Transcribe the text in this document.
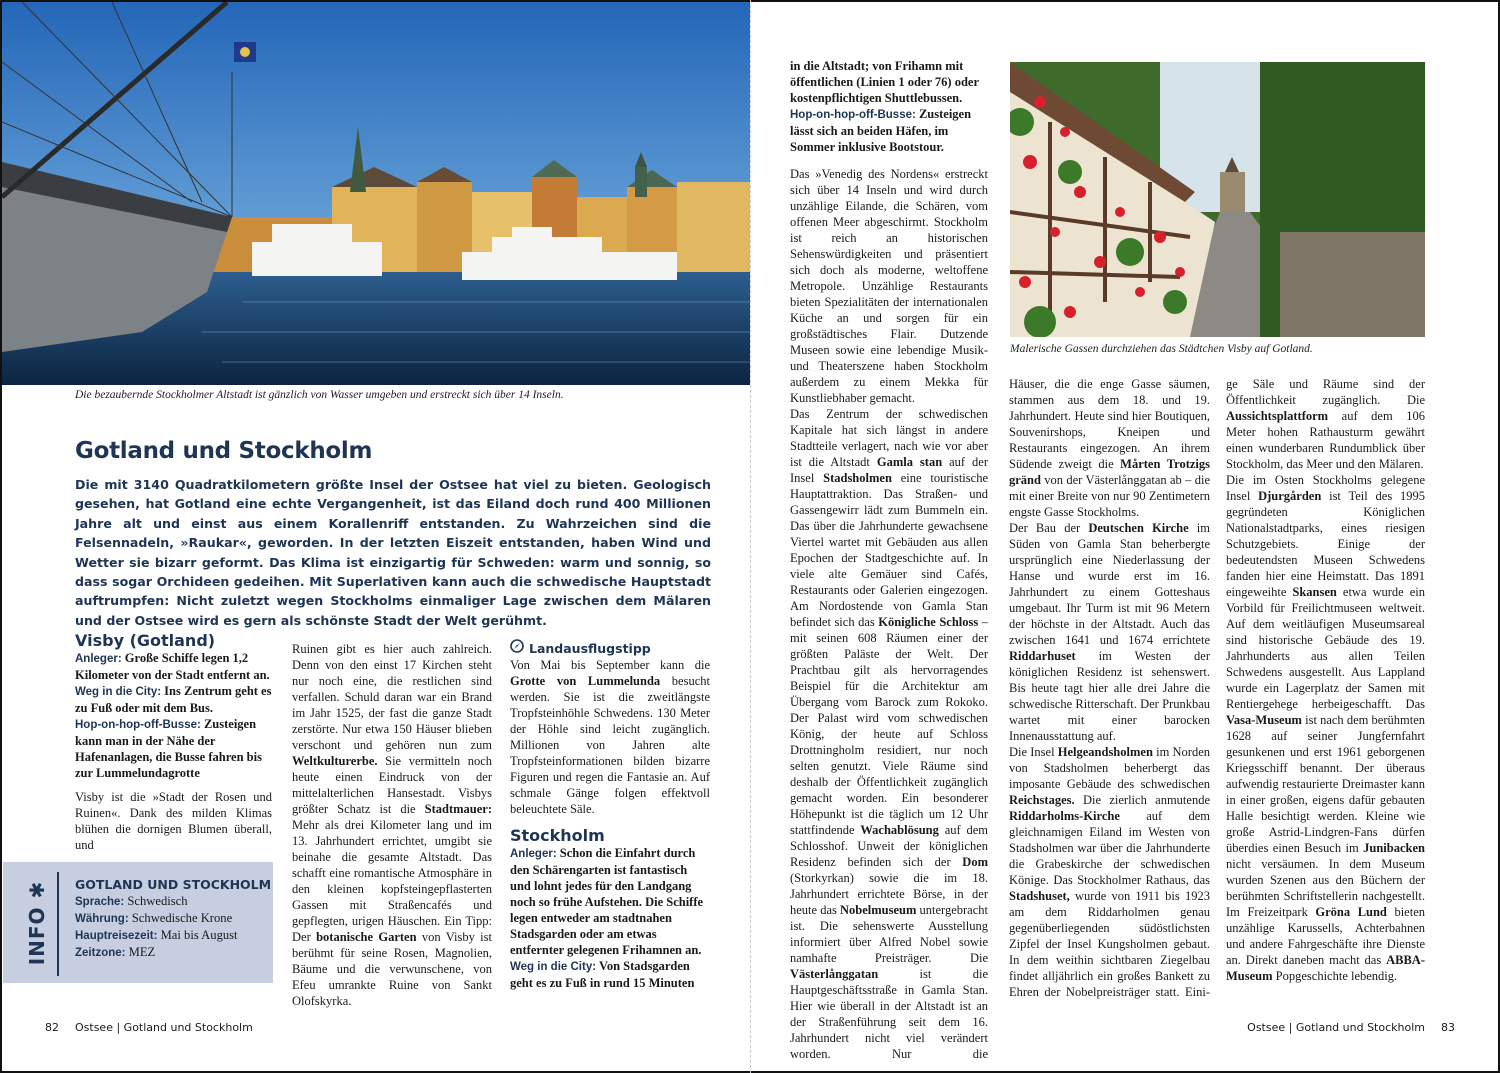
Die bezaubernde Stockholmer Altstadt ist gänzlich von Wasser umgeben und erstreckt sich über 14 Inseln.
Gotland und Stockholm
Die mit 3140 Quadratkilometern größte Insel der Ostsee hat viel zu bieten. Geologisch gesehen, hat Gotland eine echte Vergangenheit, ist das Eiland doch rund 400 Millionen Jahre alt und einst aus einem Korallenriff entstanden. Zu Wahrzeichen sind die Felsennadeln, »Raukar«, geworden. In der letzten Eiszeit entstanden, haben Wind und Wetter sie bizarr geformt. Das Klima ist einzigartig für Schweden: warm und sonnig, so dass sogar Orchideen gedeihen. Mit Superlativen kann auch die schwedische Hauptstadt auftrumpfen: Nicht zuletzt wegen Stockholms einmaliger Lage zwischen dem Mälaren und der Ostsee wird es gern als schönste Stadt der Welt gerühmt.
Visby (Gotland)
Anleger: Große Schiffe legen 1,2 Kilometer von der Stadt entfernt an.
Weg in die City: Ins Zentrum geht es zu Fuß oder mit dem Bus.
Hop-on-hop-off-Busse: Zusteigen kann man in der Nähe der Hafenanlagen, die Busse fahren bis zur Lummelundagrotte
Visby ist die »Stadt der Rosen und Ruinen«. Dank des milden Klimas blühen die dornigen Blumen überall, und
Ruinen gibt es hier auch zahlreich. Denn von den einst 17 Kirchen steht nur noch eine, die restlichen sind verfallen. Schuld daran war ein Brand im Jahr 1525, der fast die ganze Stadt zerstörte. Nur etwa 150 Häuser blieben verschont und gehören nun zum Weltkulturerbe. Sie vermitteln noch heute einen Eindruck von der mittelalterlichen Hansestadt. Visbys größter Schatz ist die Stadtmauer: Mehr als drei Kilometer lang und im 13. Jahrhundert errichtet, umgibt sie beinahe die gesamte Altstadt. Das schafft eine romantische Atmosphäre in den kleinen kopfsteingepflasterten Gassen mit Straßencafés und gepflegten, urigen Häuschen. Ein Tipp: Der botanische Garten von Visby ist berühmt für seine Rosen, Magnolien, Bäume und die verwunschene, von Efeu umrankte Ruine von Sankt Olofskyrka.
Landausflugstipp
Von Mai bis September kann die Grotte von Lummelunda besucht werden. Sie ist die zweitlängste Tropfsteinhöhle Schwedens. 130 Meter der Höhle sind leicht zugänglich. Millionen von Jahren alte Tropfsteinformationen bilden bizarre Figuren und regen die Fantasie an. Auf schmale Gänge folgen effektvoll beleuchtete Säle.
Stockholm
Anleger: Schon die Einfahrt durch den Schärengarten ist fantastisch und lohnt jedes für den Landgang noch so frühe Aufstehen. Die Schiffe legen entweder am stadtnahen Stadsgarden oder am etwas entfernter gelegenen Frihamnen an.
Weg in die City: Von Stadsgarden geht es zu Fuß in rund 15 Minuten
INFO ✱ GOTLAND UND STOCKHOLM
Sprache: Schwedisch
Währung: Schwedische Krone
Hauptreisezeit: Mai bis August
Zeitzone: MEZ
82 Ostsee | Gotland und Stockholm
in die Altstadt; von Frihamn mit öffentlichen (Linien 1 oder 76) oder kostenpflichtigen Shuttlebussen.
Hop-on-hop-off-Busse: Zusteigen lässt sich an beiden Häfen, im Sommer inklusive Bootstour.
Das »Venedig des Nordens« erstreckt sich über 14 Inseln und wird durch unzählige Eilande, die Schären, vom offenen Meer abgeschirmt. Stockholm ist reich an historischen Sehenswürdigkeiten und präsentiert sich doch als moderne, weltoffene Metropole. Unzählige Restaurants bieten Spezialitäten der internationalen Küche an und sorgen für ein großstädtisches Flair. Dutzende Museen sowie eine lebendige Musik- und Theaterszene haben Stockholm außerdem zu einem Mekka für Kunstliebhaber gemacht.
Das Zentrum der schwedischen Kapitale hat sich längst in andere Stadtteile verlagert, nach wie vor aber ist die Altstadt Gamla stan auf der Insel Stadsholmen eine touristische Hauptattraktion. Das Straßen- und Gassengewirr lädt zum Bummeln ein. Das über die Jahrhunderte gewachsene Viertel wartet mit Gebäuden aus allen Epochen der Stadtgeschichte auf. In viele alte Gemäuer sind Cafés, Restaurants oder Galerien eingezogen. Am Nordostende von Gamla Stan befindet sich das Königliche Schloss – mit seinen 608 Räumen einer der größten Paläste der Welt. Der Prachtbau gilt als hervorragendes Beispiel für die Architektur am Übergang vom Barock zum Rokoko. Der Palast wird vom schwedischen König, der heute auf Schloss Drottningholm residiert, nur noch selten genutzt. Viele Räume sind deshalb der Öffentlichkeit zugänglich gemacht worden. Ein besonderer Höhepunkt ist die täglich um 12 Uhr stattfindende Wachablösung auf dem Schlosshof. Unweit der königlichen Residenz befinden sich der Dom (Storkyrkan) sowie die im 18. Jahrhundert errichtete Börse, in der heute das Nobelmuseum untergebracht ist. Die sehenswerte Ausstellung informiert über Alfred Nobel sowie namhafte Preisträger. Die Västerlånggatan ist die Hauptgeschäftsstraße in Gamla Stan. Hier wie überall in der Altstadt ist an der Straßenführung seit dem 16. Jahrhundert nicht viel verändert worden. Nur die
Malerische Gassen durchziehen das Städtchen Visby auf Gotland.
Häuser, die die enge Gasse säumen, stammen aus dem 18. und 19. Jahrhundert. Heute sind hier Boutiquen, Souvenirshops, Kneipen und Restaurants eingezogen. An ihrem Südende zweigt die Mårten Trotzigs gränd von der Västerlånggatan ab – die mit einer Breite von nur 90 Zentimetern engste Gasse Stockholms.
Der Bau der Deutschen Kirche im Süden von Gamla Stan beherbergte ursprünglich eine Niederlassung der Hanse und wurde erst im 16. Jahrhundert zu einem Gotteshaus umgebaut. Ihr Turm ist mit 96 Metern der höchste in der Altstadt. Auch das zwischen 1641 und 1674 errichtete Riddarhuset im Westen der königlichen Residenz ist sehenswert. Bis heute tagt hier alle drei Jahre die schwedische Ritterschaft. Der Prunkbau wartet mit einer barocken Innenausstattung auf.
Die Insel Helgeandsholmen im Norden von Stadsholmen beherbergt das imposante Gebäude des schwedischen Reichstages. Die zierlich anmutende Riddarholms-Kirche auf dem gleichnamigen Eiland im Westen von Stadsholmen war über die Jahrhunderte die Grabeskirche der schwedischen Könige. Das Stockholmer Rathaus, das Stadshuset, wurde von 1911 bis 1923 am dem Riddarholmen genau gegenüberliegenden südöstlichsten Zipfel der Insel Kungsholmen gebaut. In dem weithin sichtbaren Ziegelbau findet alljährlich ein großes Bankett zu Ehren der Nobelpreisträger statt. Eini-
ge Säle und Räume sind der Öffentlichkeit zugänglich. Die Aussichtsplattform auf dem 106 Meter hohen Rathausturm gewährt einen wunderbaren Rundumblick über Stockholm, das Meer und den Mälaren.
Die im Osten Stockholms gelegene Insel Djurgården ist Teil des 1995 gegründeten Königlichen Nationalstadtparks, eines riesigen Schutzgebiets. Einige der bedeutendsten Museen Schwedens fanden hier eine Heimstatt. Das 1891 eingeweihte Skansen etwa wurde ein Vorbild für Freilichtmuseen weltweit. Auf dem weitläufigen Museumsareal sind historische Gebäude des 19. Jahrhunderts aus allen Teilen Schwedens ausgestellt. Aus Lappland wurde ein Lagerplatz der Samen mit Rentiergehege herbeigeschafft. Das Vasa-Museum ist nach dem berühmten 1628 auf seiner Jungfernfahrt gesunkenen und erst 1961 geborgenen Kriegsschiff benannt. Der überaus aufwendig restaurierte Dreimaster kann in einer großen, eigens dafür gebauten Halle besichtigt werden. Kleine wie große Astrid-Lindgren-Fans dürfen überdies einen Besuch im Junibacken nicht versäumen. In dem Museum wurden Szenen aus den Büchern der berühmten Schriftstellerin nachgestellt. Im Freizeitpark Gröna Lund bieten unzählige Karussells, Achterbahnen und andere Fahrgeschäfte ihre Dienste an. Direkt daneben macht das ABBA-Museum Popgeschichte lebendig.
Ostsee | Gotland und Stockholm 83
